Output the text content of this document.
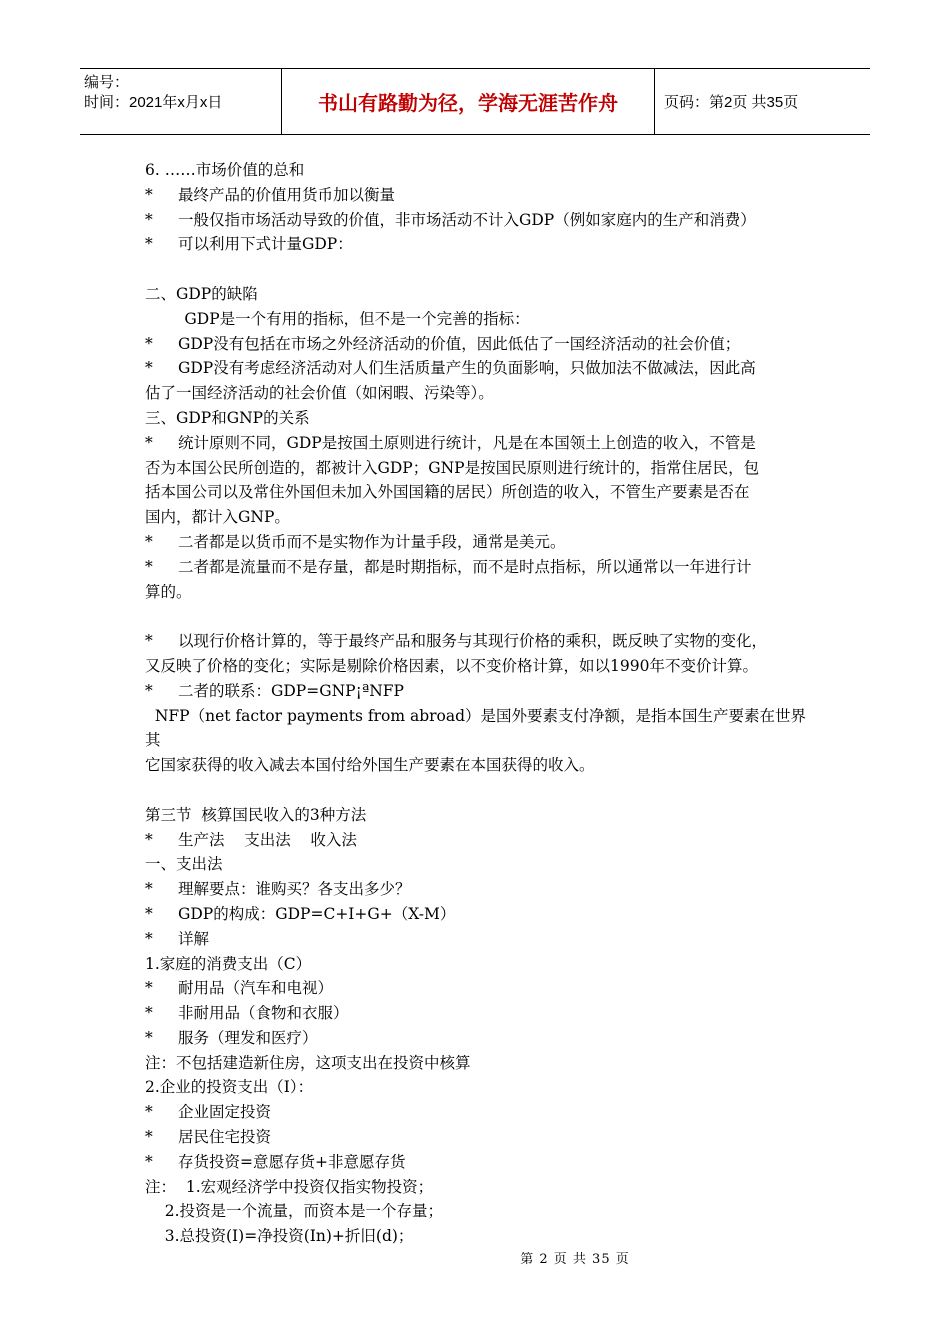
编号：
时间：2021年x月x日	书山有路勤为径，学海无涯苦作舟	页码：第2页 共35页
6. ……市场价值的总和
* 最终产品的价值用货币加以衡量
* 一般仅指市场活动导致的价值，非市场活动不计入GDP（例如家庭内的生产和消费）
* 可以利用下式计量GDP：
二、GDP的缺陷
GDP是一个有用的指标，但不是一个完善的指标：
* GDP没有包括在市场之外经济活动的价值，因此低估了一国经济活动的社会价值；
* GDP没有考虑经济活动对人们生活质量产生的负面影响，只做加法不做减法，因此高
估了一国经济活动的社会价值（如闲暇、污染等）。
三、GDP和GNP的关系
* 统计原则不同，GDP是按国土原则进行统计，凡是在本国领土上创造的收入，不管是
否为本国公民所创造的，都被计入GDP；GNP是按国民原则进行统计的，指常住居民，包
括本国公司以及常住外国但未加入外国国籍的居民）所创造的收入，不管生产要素是否在
国内，都计入GNP。
* 二者都是以货币而不是实物作为计量手段，通常是美元。
* 二者都是流量而不是存量，都是时期指标，而不是时点指标，所以通常以一年进行计
算的。
* 以现行价格计算的，等于最终产品和服务与其现行价格的乘积，既反映了实物的变化，
又反映了价格的变化；实际是剔除价格因素，以不变价格计算，如以1990年不变价计算。
* 二者的联系：GDP=GNP¡ªNFP
NFP（net factor payments from abroad）是国外要素支付净额，是指本国生产要素在世界其
它国家获得的收入减去本国付给外国生产要素在本国获得的收入。
第三节  核算国民收入的3种方法
* 生产法    支出法    收入法
一、支出法
* 理解要点：谁购买？各支出多少？
* GDP的构成：GDP=C+I+G+（X-M）
* 详解
1.家庭的消费支出（C）
* 耐用品（汽车和电视）
* 非耐用品（食物和衣服）
* 服务（理发和医疗）
注：不包括建造新住房，这项支出在投资中核算
2.企业的投资支出（I）：
* 企业固定投资
* 居民住宅投资
* 存货投资=意愿存货+非意愿存货
注：  1.宏观经济学中投资仅指实物投资；
2.投资是一个流量，而资本是一个存量；
3.总投资(I)=净投资(In)+折旧(d)；
第 2 页 共 35 页
